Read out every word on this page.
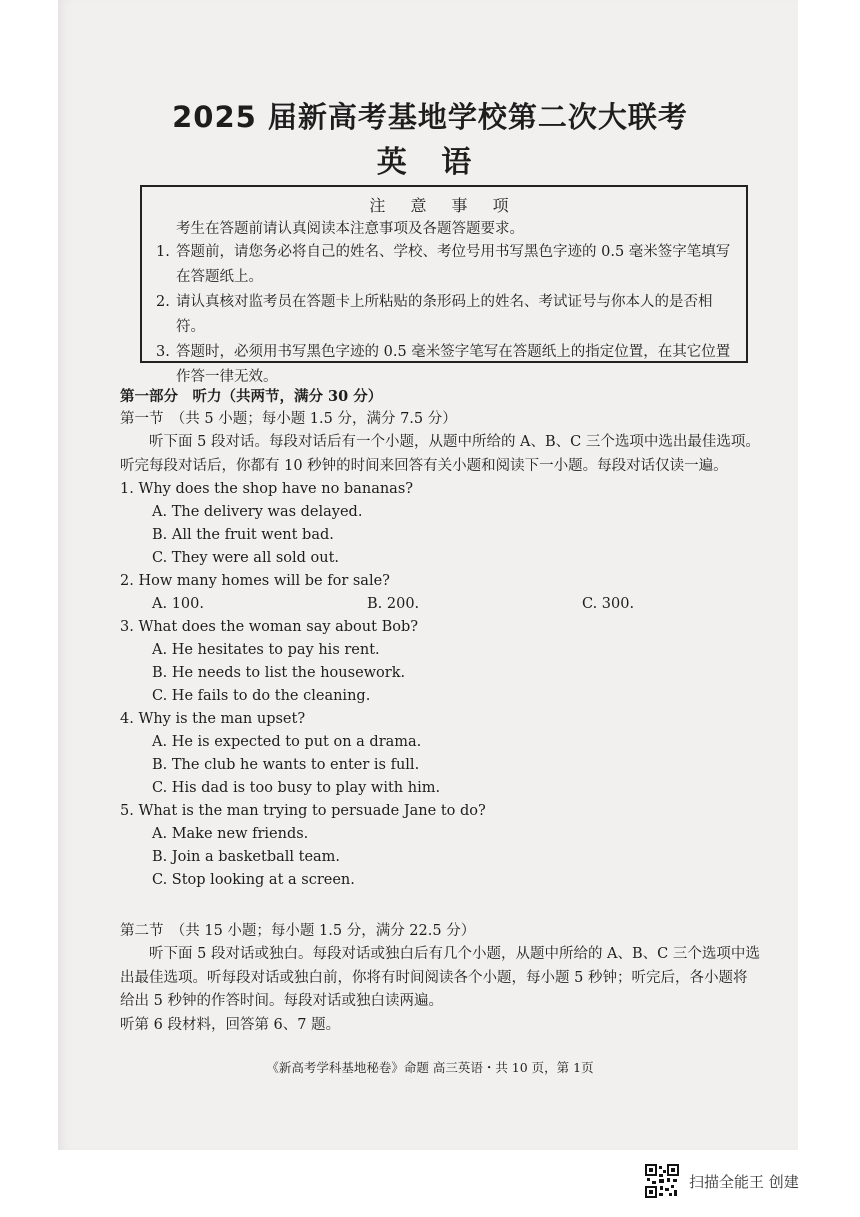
2025 届新高考基地学校第二次大联考
英 语
注 意 事 项
考生在答题前请认真阅读本注意事项及各题答题要求。
1. 答题前，请您务必将自己的姓名、学校、考位号用书写黑色字迹的 0.5 毫米签字笔填写在答题纸上。
2. 请认真核对监考员在答题卡上所粘贴的条形码上的姓名、考试证号与你本人的是否相符。
3. 答题时，必须用书写黑色字迹的 0.5 毫米签字笔写在答题纸上的指定位置，在其它位置作答一律无效。
第一部分　听力（共两节，满分 30 分）
第一节　（共 5 小题；每小题 1.5 分，满分 7.5 分）
听下面 5 段对话。每段对话后有一个小题，从题中所给的 A、B、C 三个选项中选出最佳选项。听完每段对话后，你都有 10 秒钟的时间来回答有关小题和阅读下一小题。每段对话仅读一遍。
1. Why does the shop have no bananas?
A. The delivery was delayed.
B. All the fruit went bad.
C. They were all sold out.
2. How many homes will be for sale?
A. 100.	B. 200.	C. 300.
3. What does the woman say about Bob?
A. He hesitates to pay his rent.
B. He needs to list the housework.
C. He fails to do the cleaning.
4. Why is the man upset?
A. He is expected to put on a drama.
B. The club he wants to enter is full.
C. His dad is too busy to play with him.
5. What is the man trying to persuade Jane to do?
A. Make new friends.
B. Join a basketball team.
C. Stop looking at a screen.
第二节　（共 15 小题；每小题 1.5 分，满分 22.5 分）
听下面 5 段对话或独白。每段对话或独白后有几个小题，从题中所给的 A、B、C 三个选项中选出最佳选项。听每段对话或独白前，你将有时间阅读各个小题，每小题 5 秒钟；听完后，各小题将给出 5 秒钟的作答时间。每段对话或独白读两遍。
听第 6 段材料，回答第 6、7 题。
《新高考学科基地秘卷》命题 高三英语・共 10 页，第 1页
扫描全能王 创建
